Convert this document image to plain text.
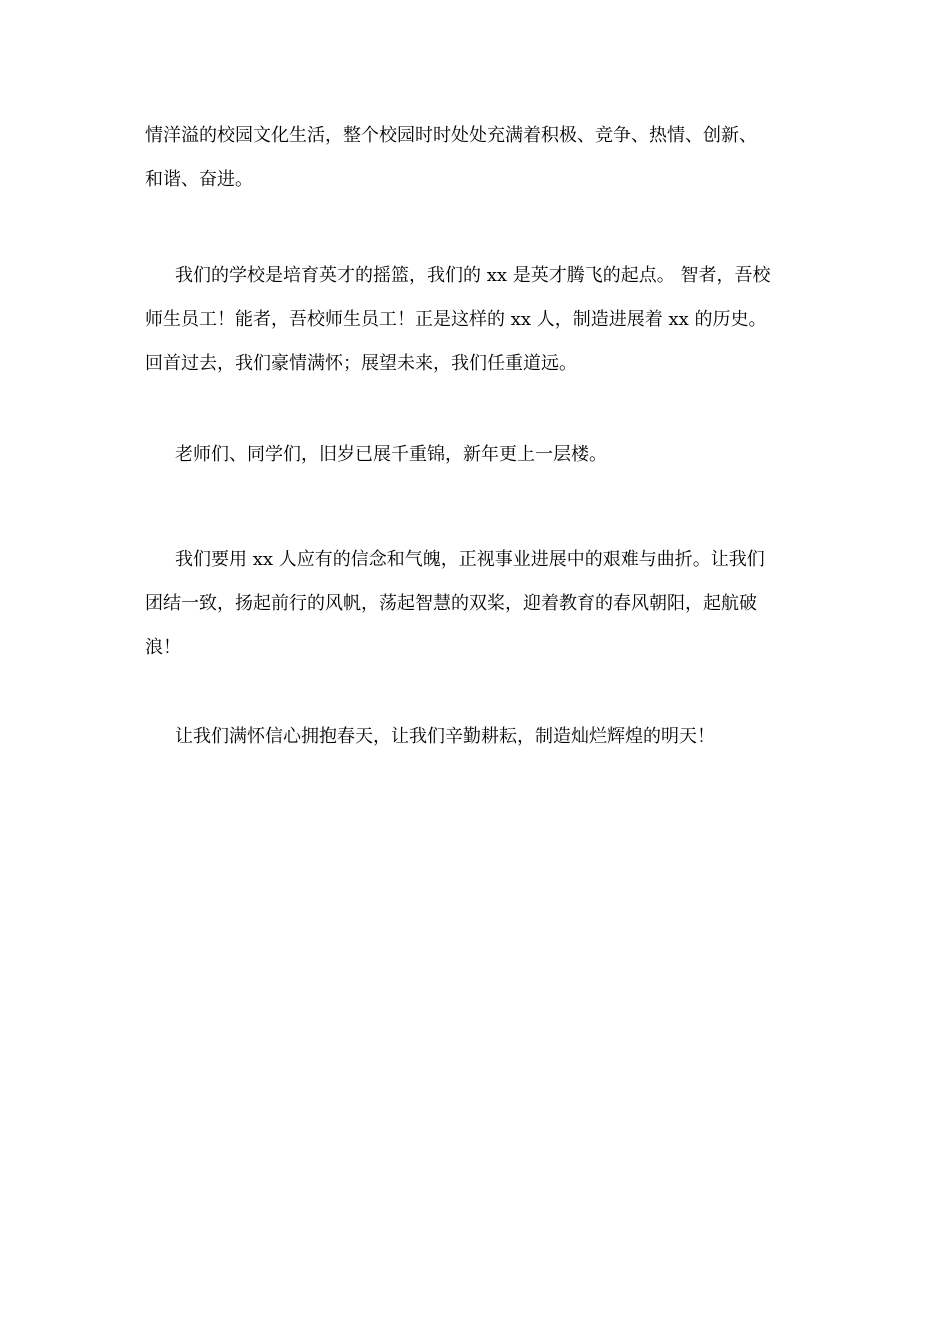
情洋溢的校园文化生活，整个校园时时处处充满着积极、竞争、热情、创新、
和谐、奋进。

我们的学校是培育英才的摇篮，我们的 xx 是英才腾飞的起点。 智者，吾校
师生员工！能者，吾校师生员工！正是这样的 xx 人，制造进展着 xx 的历史。
回首过去，我们豪情满怀；展望未来，我们任重道远。

老师们、同学们，旧岁已展千重锦，新年更上一层楼。

我们要用 xx 人应有的信念和气魄，正视事业进展中的艰难与曲折。让我们
团结一致，扬起前行的风帆，荡起智慧的双桨，迎着教育的春风朝阳，起航破
浪！

让我们满怀信心拥抱春天，让我们辛勤耕耘，制造灿烂辉煌的明天！
